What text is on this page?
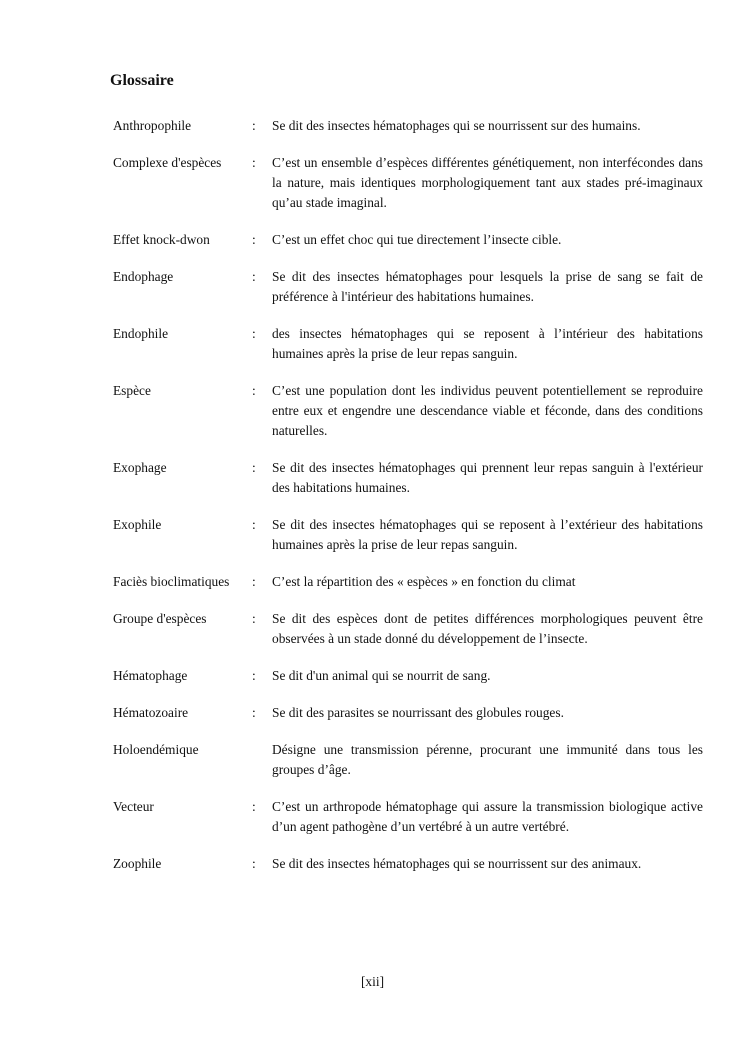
Glossaire
Anthropophile	:	Se dit des insectes hématophages qui se nourrissent sur des humains.
Complexe d'espèces	:	C’est un ensemble d’espèces différentes génétiquement, non interfécondes dans la nature, mais identiques morphologiquement tant aux stades pré-imaginaux qu’au stade imaginal.
Effet knock-dwon	:	C’est un effet choc qui tue directement l’insecte cible.
Endophage	:	Se dit des insectes hématophages pour lesquels la prise de sang se fait de préférence à l'intérieur des habitations humaines.
Endophile	:	des insectes hématophages qui se reposent à l’intérieur des habitations humaines après la prise de leur repas sanguin.
Espèce	:	C’est une population dont les individus peuvent potentiellement se reproduire entre eux et engendre une descendance viable et féconde, dans des conditions naturelles.
Exophage	:	Se dit des insectes hématophages qui prennent leur repas sanguin à l'extérieur des habitations humaines.
Exophile	:	Se dit des insectes hématophages qui se reposent à l’extérieur des habitations humaines après la prise de leur repas sanguin.
Faciès bioclimatiques	:	C’est la répartition des « espèces » en fonction du climat
Groupe d'espèces	:	Se dit des espèces dont de petites différences morphologiques peuvent être observées à un stade donné du développement de l’insecte.
Hématophage	:	Se dit d'un animal qui se nourrit de sang.
Hématozoaire	:	Se dit des parasites se nourrissant des globules rouges.
Holoendémique	Désigne une transmission pérenne, procurant une immunité dans tous les groupes d’âge.
Vecteur	:	C’est un arthropode hématophage qui assure la transmission biologique active d’un agent pathogène d’un vertébré à un autre vertébré.
Zoophile	:	Se dit des insectes hématophages qui se nourrissent sur des animaux.
[xii]
